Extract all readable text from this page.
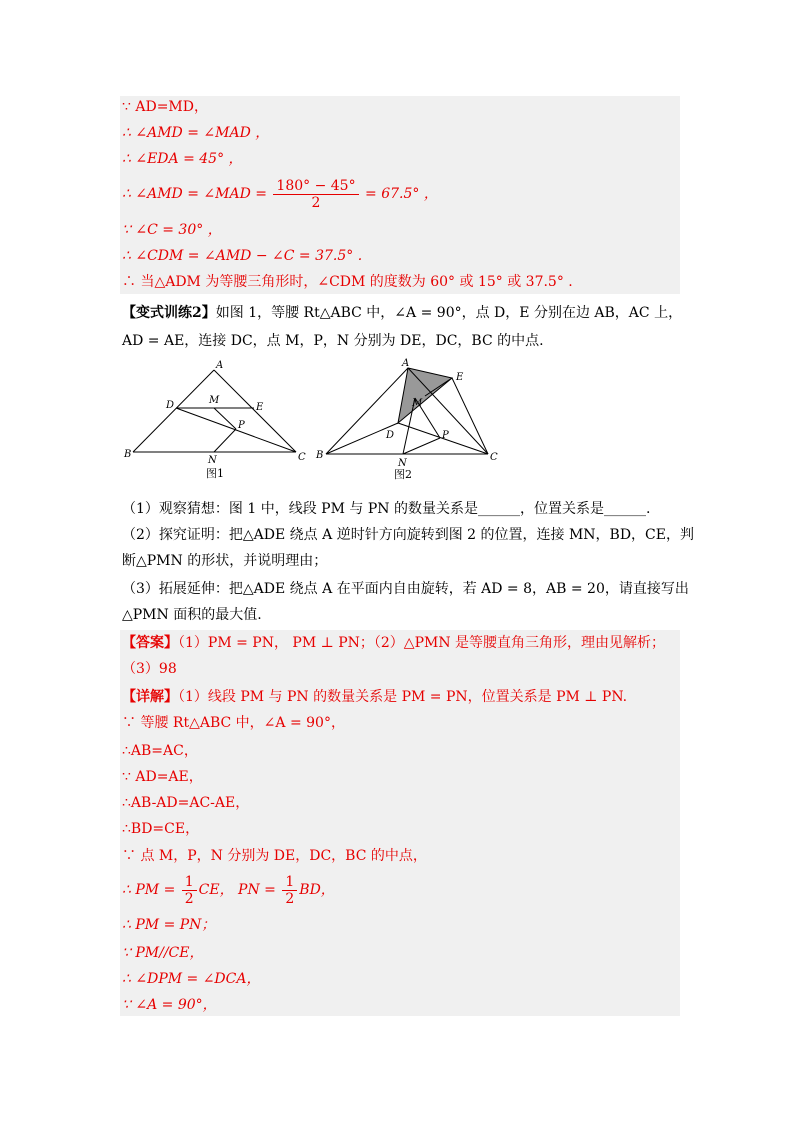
∵ AD=MD，
∴ ∠AMD = ∠MAD ，
∴ ∠EDA = 45° ，
∴ ∠AMD = ∠MAD = $\frac{180^\circ - 45^\circ}{2} = 67.5^\circ$ ，
∵ ∠C = 30° ，
∴ ∠CDM = ∠AMD − ∠C = 37.5° .
∴ 当△ADM 为等腰三角形时，∠CDM 的度数为 60° 或 15° 或 37.5° .
【变式训练2】如图 1，等腰 Rt△ABC 中，∠A = 90°，点 D，E 分别在边 AB，AC 上，
AD = AE，连接 DC，点 M，P，N 分别为 DE，DC，BC 的中点.
A
D	M
E
P
B
N	C
图1
A
E
M
D	P
B
N
C
图2
（1）观察猜想：图 1 中，线段 PM 与 PN 的数量关系是______，位置关系是______.
（2）探究证明：把△ADE 绕点 A 逆时针方向旋转到图 2 的位置，连接 MN，BD，CE，判
断△PMN 的形状，并说明理由；
（3）拓展延伸：把△ADE 绕点 A 在平面内自由旋转，若 AD = 8，AB = 20，请直接写出
△PMN 面积的最大值.
【答案】（1）PM = PN， PM ⊥ PN；（2）△PMN 是等腰直角三角形，理由见解析；
（3）98
【详解】（1）线段 PM 与 PN 的数量关系是 PM = PN，位置关系是 PM ⊥ PN.
∵ 等腰 Rt△ABC 中，∠A = 90°，
∴AB=AC，
∵ AD=AE，
∴AB-AD=AC-AE，
∴BD=CE，
∵ 点 M，P，N 分别为 DE，DC，BC 的中点，
∴ PM = $\frac{1}{2}$ CE， PN = $\frac{1}{2}$ BD，
∴ PM = PN；
∵ PM//CE，
∴ ∠DPM = ∠DCA，
∵ ∠A = 90°，
